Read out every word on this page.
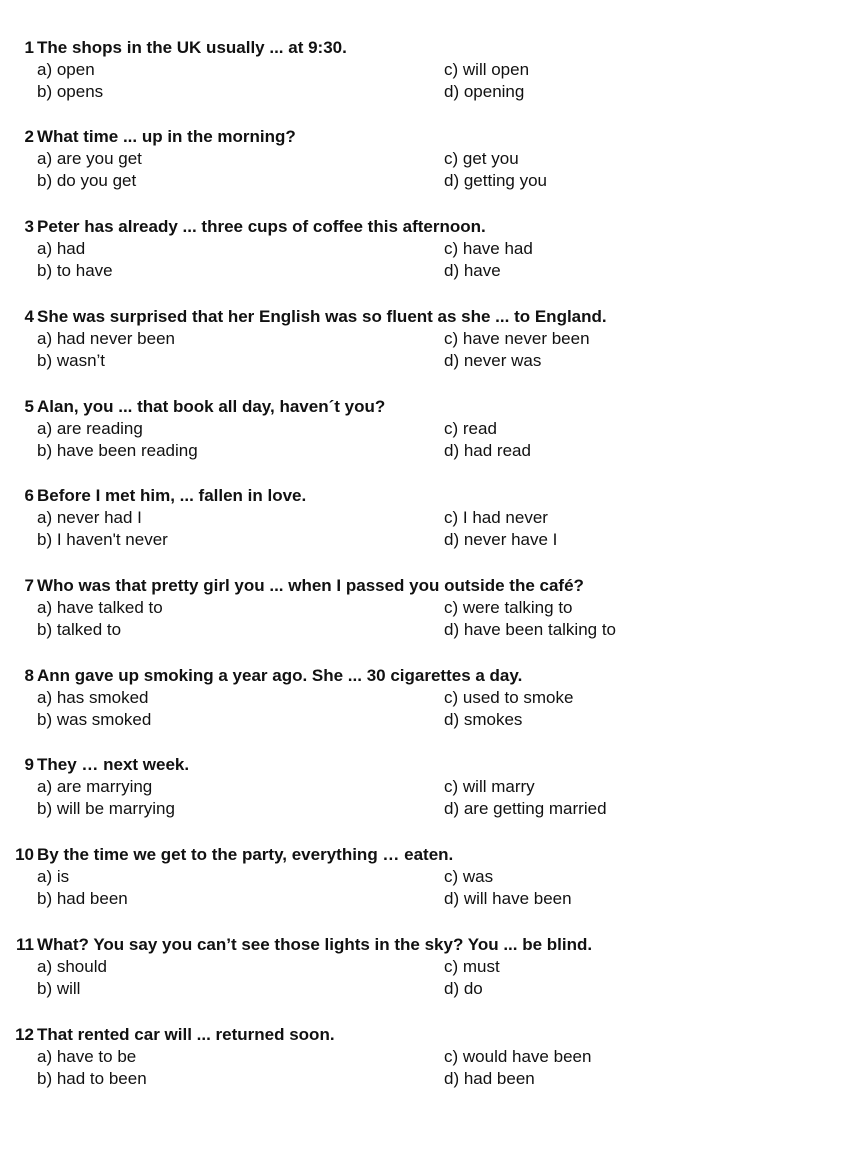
1 The shops in the UK usually ... at 9:30.
a) open
b) opens
c) will open
d) opening
2 What time ... up in the morning?
a) are you get
b) do you get
c) get you
d) getting you
3 Peter has already ... three cups of coffee this afternoon.
a) had
b) to have
c) have had
d) have
4 She was surprised that her English was so fluent as she ... to England.
a) had never been
b) wasn’t
c) have never been
d) never was
5 Alan, you ... that book all day, haven´t you?
a) are reading
b) have been reading
c) read
d) had read
6 Before I met him, ... fallen in love.
a) never had I
b) I haven't never
c) I had never
d) never have I
7 Who was that pretty girl you ... when I passed you outside the café?
a) have talked to
b) talked to
c) were talking to
d) have been talking to
8 Ann gave up smoking a year ago. She ... 30 cigarettes a day.
a) has smoked
b) was smoked
c) used to smoke
d) smokes
9 They … next week.
a) are marrying
b) will be marrying
c) will marry
d) are getting married
10 By the time we get to the party, everything … eaten.
a) is
b) had been
c) was
d) will have been
11 What? You say you can’t see those lights in the sky? You ... be blind.
a) should
b) will
c) must
d) do
12 That rented car will ... returned soon.
a) have to be
b) had to been
c) would have been
d) had been
